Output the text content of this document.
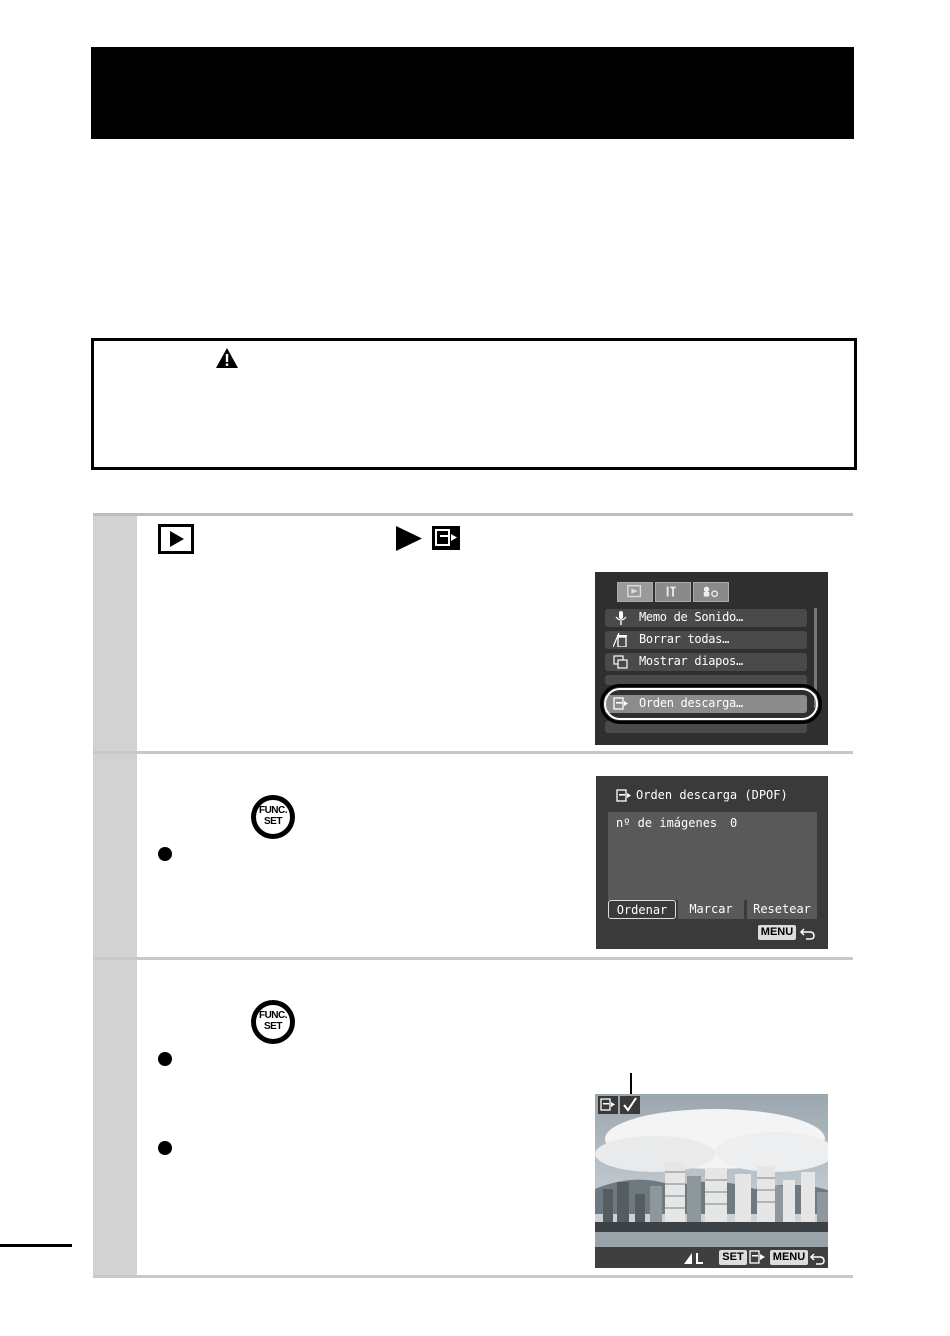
Memo de Sonido…
Borrar todas…
Mostrar diapos…
Orden descarga…
FUNC.
SET
Orden descarga (DPOF)
nº de imágenes 0
Ordenar	Marcar	Resetear
MENU
FUNC.
SET
SET	MENU
